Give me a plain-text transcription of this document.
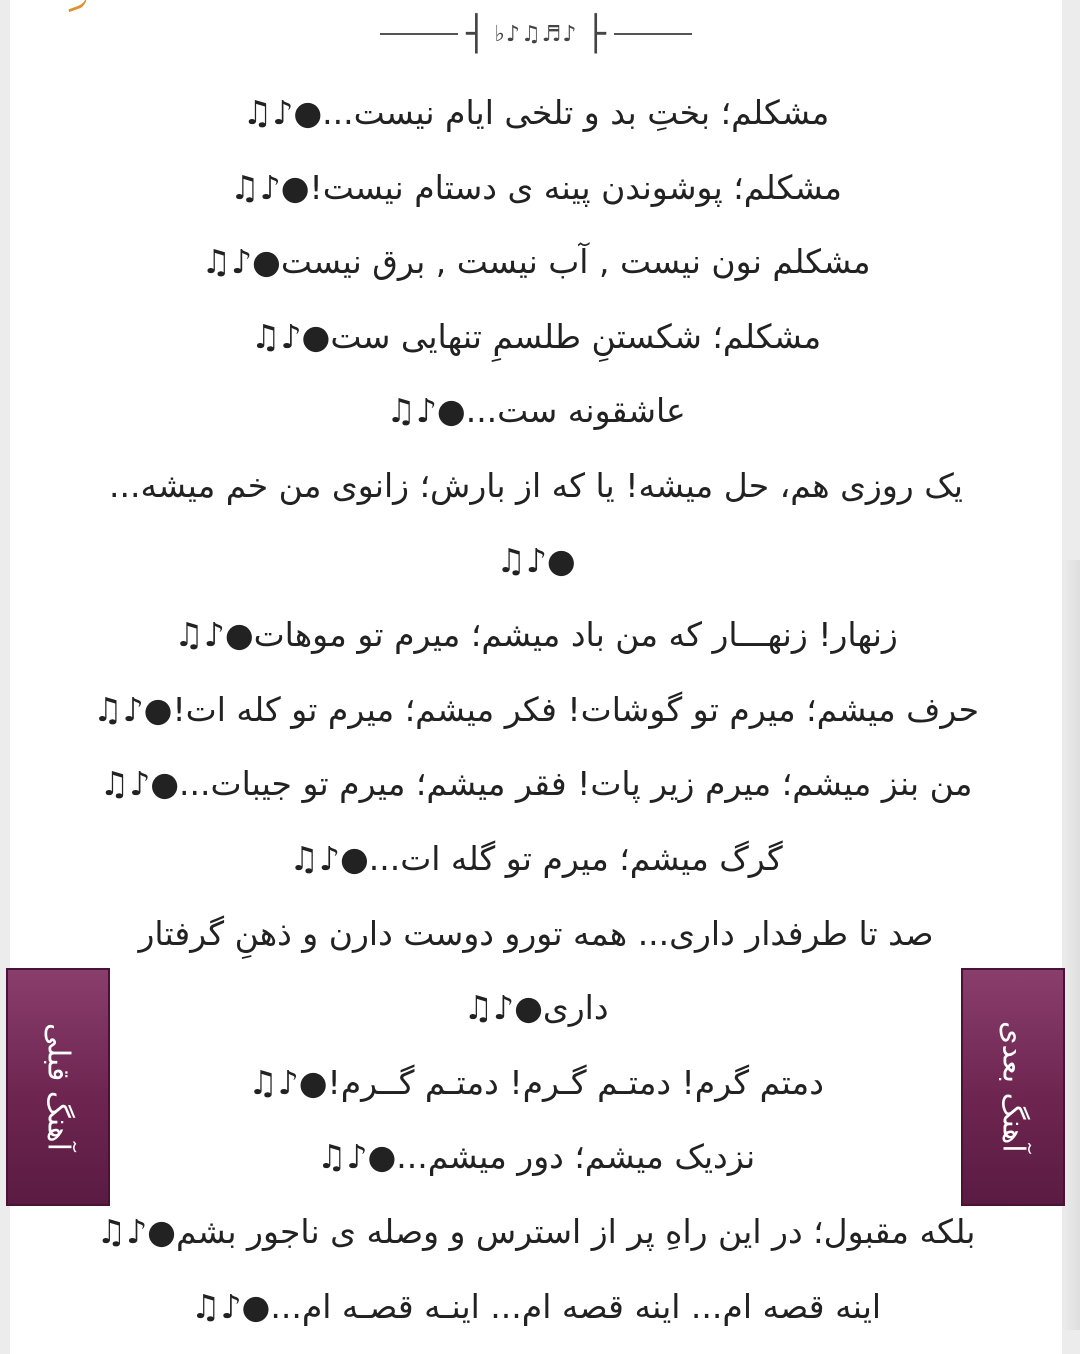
┤ ♭♪♫♬♪ ├
مشکلم؛ بختِ بد و تلخی ایام نیست...●♪♫
مشکلم؛ پوشوندن پینه ی دستام نیست!●♪♫
مشکلم نون نیست , آب نیست , برق نیست●♪♫
مشکلم؛ شکستنِ طلسمِ تنهایی ست●♪♫
عاشقونه ست...●♪♫
یک روزی هم، حل میشه! یا که از بارش؛ زانوی من خم میشه...
●♪♫
زنهار! زنهـــار که من باد میشم؛ میرم تو موهات●♪♫
حرف میشم؛ میرم تو گوشات! فکر میشم؛ میرم تو کله ات!●♪♫
من بنز میشم؛ میرم زیر پات! فقر میشم؛ میرم تو جیبات...●♪♫
گرگ میشم؛ میرم تو گله ات...●♪♫
صد تا طرفدار داری... همه تورو دوست دارن و ذهنِ گرفتار
داری●♪♫
دمتم گرم! دمتـم گـرم! دمتـم گــرم!●♪♫
نزدیک میشم؛ دور میشم...●♪♫
بلکه مقبول؛ در این راهِ پر از استرس و وصله ی ناجور بشم●♪♫
اینه قصه ام... اینه قصه ام... اینـه قصـه ام...●♪♫
آهنگ قبلی	آهنگ بعدی
